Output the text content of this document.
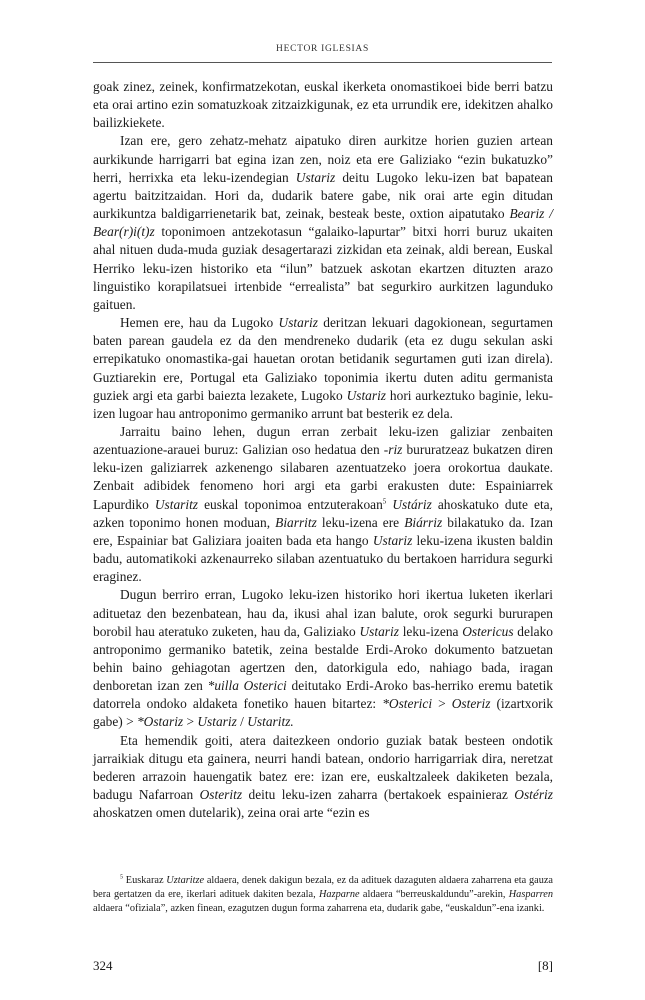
HECTOR IGLESIAS

goak zinez, zeinek, konfirmatzekotan, euskal ikerketa onomastikoei bide berri batzu eta orai artino ezin somatuzkoak zitzaizkigunak, ez eta urrundik ere, idekitzen ahalko bailizkiekete.

Izan ere, gero zehatz-mehatz aipatuko diren aurkitze horien guzien artean aurkikunde harrigarri bat egina izan zen, noiz eta ere Galiziako “ezin bukatuzko” herri, herrixka eta leku-izendegian Ustariz deitu Lugoko leku-izen bat bapatean agertu baitzitzaidan. Hori da, dudarik batere gabe, nik orai arte egin ditudan aurkikuntza baldigarrienetarik bat, zeinak, besteak beste, oxtion aipatutako Beariz / Bear(r)i(t)z toponimoen antzekotasun “galaiko-lapurtar” bitxi horri buruz ukaiten ahal nituen duda-muda guziak desagertarazi zizkidan eta zeinak, aldi berean, Euskal Herriko leku-izen historiko eta “ilun” batzuek askotan ekartzen dituzten arazo linguistiko korapilatsuei irtenbide “errealista” bat segurkiro aurkitzen lagunduko gaituen.

Hemen ere, hau da Lugoko Ustariz deritzan lekuari dagokionean, segurtamen baten parean gaudela ez da den mendreneko dudarik (eta ez dugu sekulan aski errepikatuko onomastika-gai hauetan orotan betidanik segurtamen guti izan direla). Guztiarekin ere, Portugal eta Galiziako toponimia ikertu duten aditu germanista guziek argi eta garbi baiezta lezakete, Lugoko Ustariz hori aurkeztuko baginie, leku-izen lugoar hau antroponimo germaniko arrunt bat besterik ez dela.

Jarraitu baino lehen, dugun erran zerbait leku-izen galiziar zenbaiten azentuazione-arauei buruz: Galizian oso hedatua den -riz bururatzeaz bukatzen diren leku-izen galiziarrek azkenengo silabaren azentuatzeko joera orokortua daukate. Zenbait adibidek fenomeno hori argi eta garbi erakusten dute: Espainiarrek Lapurdiko Ustaritz euskal toponimoa entzuterakoan$^5$ Ustáriz ahoskatuko dute eta, azken toponimo honen moduan, Biarritz leku-izena ere Biárriz bilakatuko da. Izan ere, Espainiar bat Galiziara joaiten bada eta hango Ustariz leku-izena ikusten baldin badu, automatikoki azkenaurreko silaban azentuatuko du bertakoen harridura segurki eraginez.

Dugun berriro erran, Lugoko leku-izen historiko hori ikertua luketen ikerlari adituetaz den bezenbatean, hau da, ikusi ahal izan balute, orok segurki bururapen borobil hau ateratuko zuketen, hau da, Galiziako Ustariz leku-izena Ostericus delako antroponimo germaniko batetik, zeina bestalde Erdi-Aroko dokumento batzuetan behin baino gehiagotan agertzen den, datorkigula edo, nahiago bada, iragan denboretan izan zen *uilla Osterici deitutako Erdi-Aroko bas-herriko eremu batetik datorrela ondoko aldaketa fonetiko hauen bitartez: *Osterici > Osteriz (izartxorik gabe) > *Ostariz > Ustariz / Ustaritz.

Eta hemendik goiti, atera daitezkeen ondorio guziak batak besteen ondotik jarraikiak ditugu eta gainera, neurri handi batean, ondorio harrigarriak dira, neretzat bederen arrazoin hauengatik batez ere: izan ere, euskaltzaleek dakiketen bezala, badugu Nafarroan Osteritz deitu leku-izen zaharra (bertakoek espainieraz Ostériz ahoskatzen omen dutelarik), zeina orai arte “ezin es

$^5$ Euskaraz Uztaritze aldaera, denek dakigun bezala, ez da adituek dazaguten aldaera zaharrena eta gauza bera gertatzen da ere, ikerlari adituek dakiten bezala, Hazparne aldaera “berreuskaldundu”-arekin, Hasparren aldaera “ofiziala”, azken finean, ezagutzen dugun forma zaharrena eta, dudarik gabe, “euskaldun”-ena izanki.

324	[8]
